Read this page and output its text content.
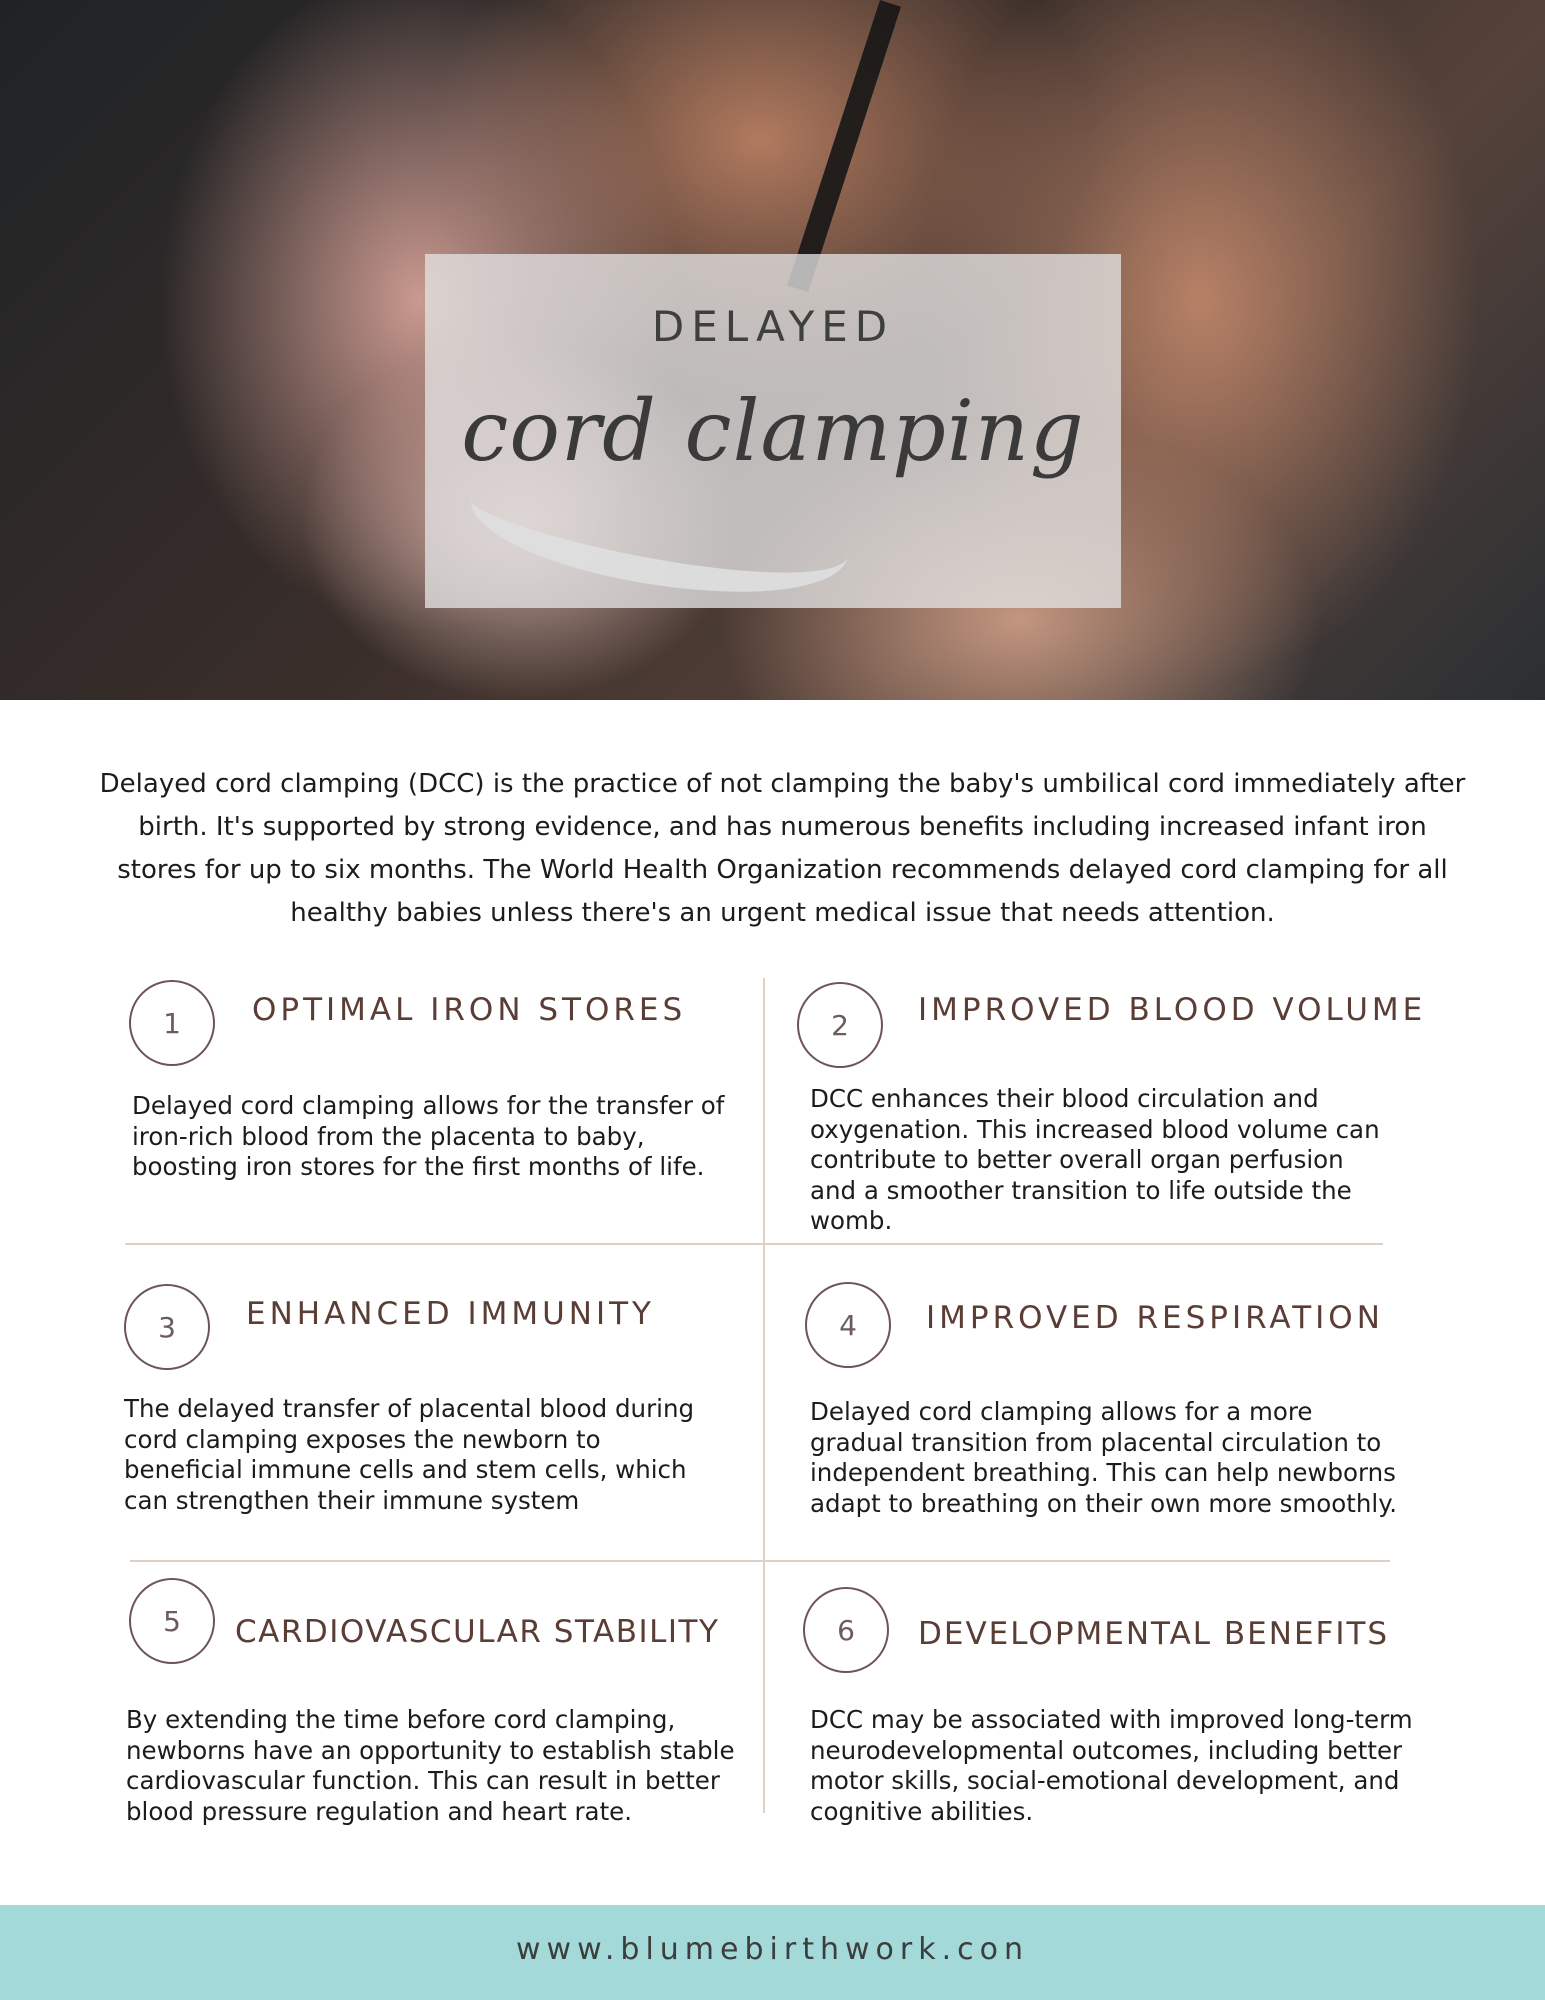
DELAYED
cord clamping
Delayed cord clamping (DCC) is the practice of not clamping the baby's umbilical cord immediately after birth. It's supported by strong evidence, and has numerous benefits including increased infant iron stores for up to six months. The World Health Organization recommends delayed cord clamping for all healthy babies unless there's an urgent medical issue that needs attention.
1	OPTIMAL IRON STORES
Delayed cord clamping allows for the transfer of iron-rich blood from the placenta to baby, boosting iron stores for the first months of life.
2	IMPROVED BLOOD VOLUME
DCC enhances their blood circulation and oxygenation. This increased blood volume can contribute to better overall organ perfusion and a smoother transition to life outside the womb.
3	ENHANCED IMMUNITY
The delayed transfer of placental blood during cord clamping exposes the newborn to beneficial immune cells and stem cells, which can strengthen their immune system
4	IMPROVED RESPIRATION
Delayed cord clamping allows for a more gradual transition from placental circulation to independent breathing. This can help newborns adapt to breathing on their own more smoothly.
5	CARDIOVASCULAR STABILITY
By extending the time before cord clamping, newborns have an opportunity to establish stable cardiovascular function. This can result in better blood pressure regulation and heart rate.
6	DEVELOPMENTAL BENEFITS
DCC may be associated with improved long-term neurodevelopmental outcomes, including better motor skills, social-emotional development, and cognitive abilities.
www.blumebirthwork.con
